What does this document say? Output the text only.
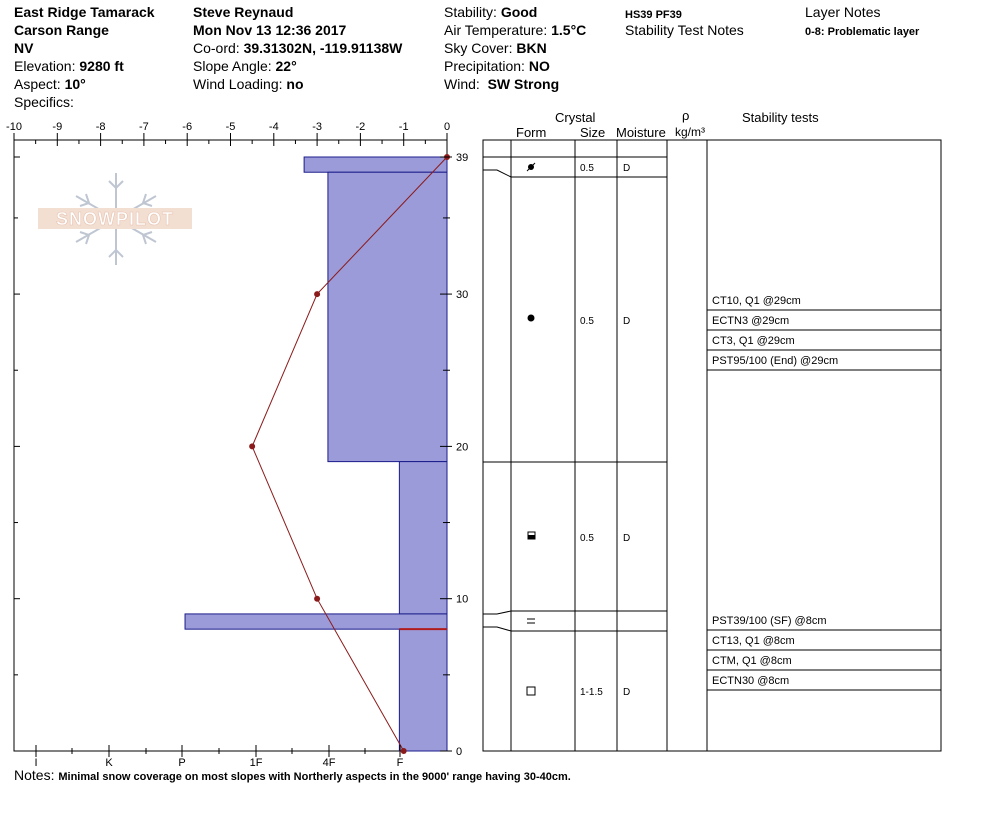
East Ridge Tamarack
Carson Range
NV
Elevation: 9280 ft
Aspect: 10°
Specifics:
Steve Reynaud
Mon Nov 13 12:36 2017
Co-ord: 39.31302N, -119.91138W
Slope Angle: 22°
Wind Loading: no
Stability: Good
Air Temperature: 1.5°C
Sky Cover: BKN
Precipitation: NO
Wind: SW Strong
HS39 PF39
Stability Test Notes
Layer Notes
0-8: Problematic layer
Crystal
Form	Size Moisture
ρ
kg/m³
Stability tests
SNOWPILOT
-10	-9	-8	-7	-6	-5	-4	-3	-2	-1	0
I	K	P	1F	4F	F
39
30
20
10
0
0.5	D
0.5	D
0.5	D
1-1.5 D
CT10, Q1 @29cm
ECTN3 @29cm
CT3, Q1 @29cm
PST95/100 (End) @29cm
PST39/100 (SF) @8cm
CT13, Q1 @8cm
CTM, Q1 @8cm
ECTN30 @8cm
Notes: Minimal snow coverage on most slopes with Northerly aspects in the 9000' range having 30-40cm.
